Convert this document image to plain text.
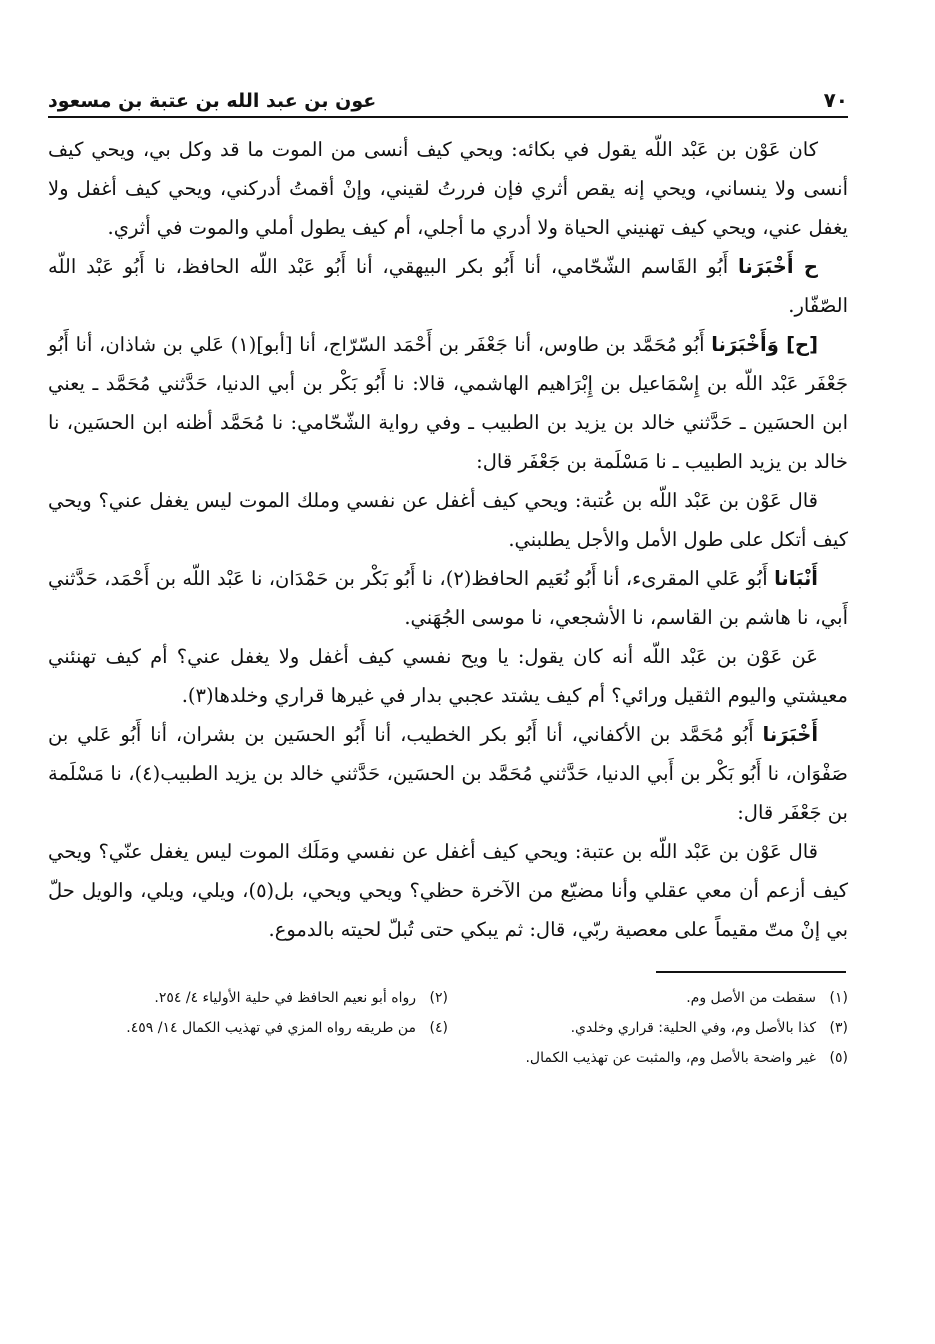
٧٠
عون بن عبد الله بن عتبة بن مسعود

كان عَوْن بن عَبْد اللّه يقول في بكائه: ويحي كيف أنسى من الموت ما قد وكل بي، ويحي كيف أنسى ولا ينساني، ويحي إنه يقص أثري فإن فررتُ لقيني، وإنْ أقمتُ أدركني، ويحي كيف أغفل ولا يغفل عني، ويحي كيف تهنيني الحياة ولا أدري ما أجلي، أم كيف يطول أملي والموت في أثري.

ح أَخْبَرَنا أَبُو القَاسم الشّحّامي، أنا أَبُو بكر البيهقي، أنا أَبُو عَبْد اللّه الحافظ، نا أَبُو عَبْد اللّه الصّفّار.

[ح] وَأَخْبَرَنا أَبُو مُحَمَّد بن طاوس، أنا جَعْفَر بن أَحْمَد السّرّاج، أنا [أبو](١) عَلي بن شاذان، أنا أَبُو جَعْفَر عَبْد اللّه بن إِسْمَاعيل بن إِبْرَاهيم الهاشمي، قالا: نا أَبُو بَكْر بن أبي الدنيا، حَدَّثني مُحَمَّد ـ يعني ابن الحسَين ـ حَدَّثني خالد بن يزيد بن الطبيب ـ وفي رواية الشّحّامي: نا مُحَمَّد أظنه ابن الحسَين، نا خالد بن يزيد الطبيب ـ نا مَسْلَمة بن جَعْفَر قال:

قال عَوْن بن عَبْد اللّه بن عُتبة: ويحي كيف أغفل عن نفسي وملك الموت ليس يغفل عني؟ ويحي كيف أتكل على طول الأمل والأجل يطلبني.

أَنْبَانا أَبُو عَلي المقرىء، أنا أَبُو نُعَيم الحافظ(٢)، نا أَبُو بَكْر بن حَمْدَان، نا عَبْد اللّه بن أَحْمَد، حَدَّثني أَبي، نا هاشم بن القاسم، نا الأشجعي، نا موسى الجُهَني.

عَن عَوْن بن عَبْد اللّه أنه كان يقول: يا ويح نفسي كيف أغفل ولا يغفل عني؟ أم كيف تهنئني معيشتي واليوم الثقيل ورائي؟ أم كيف يشتد عجبي بدار في غيرها قراري وخلدها(٣).

أَخْبَرَنا أَبُو مُحَمَّد بن الأكفاني، أنا أَبُو بكر الخطيب، أنا أَبُو الحسَين بن بشران، أنا أَبُو عَلي بن صَفْوَان، نا أَبُو بَكْر بن أَبي الدنيا، حَدَّثني مُحَمَّد بن الحسَين، حَدَّثني خالد بن يزيد الطبيب(٤)، نا مَسْلَمة بن جَعْفَر قال:

قال عَوْن بن عَبْد اللّه بن عتبة: ويحي كيف أغفل عن نفسي ومَلَك الموت ليس يغفل عنّي؟ ويحي كيف أزعم أن معي عقلي وأنا مضيّع من الآخرة حظي؟ ويحي ويحي، بل(٥)، ويلي، ويلي، والويل حلّ بي إنْ متّ مقيماً على معصية ربّي، قال: ثم يبكي حتى تُبلّ لحيته بالدموع.

(١)سقطت من الأصل وم.
(٢)رواه أبو نعيم الحافظ في حلية الأولياء ٤/ ٢٥٤.
(٣)كذا بالأصل وم، وفي الحلية: قراري وخلدي.
(٤)من طريقه رواه المزي في تهذيب الكمال ١٤/ ٤٥٩.
(٥)غير واضحة بالأصل وم، والمثبت عن تهذيب الكمال.
